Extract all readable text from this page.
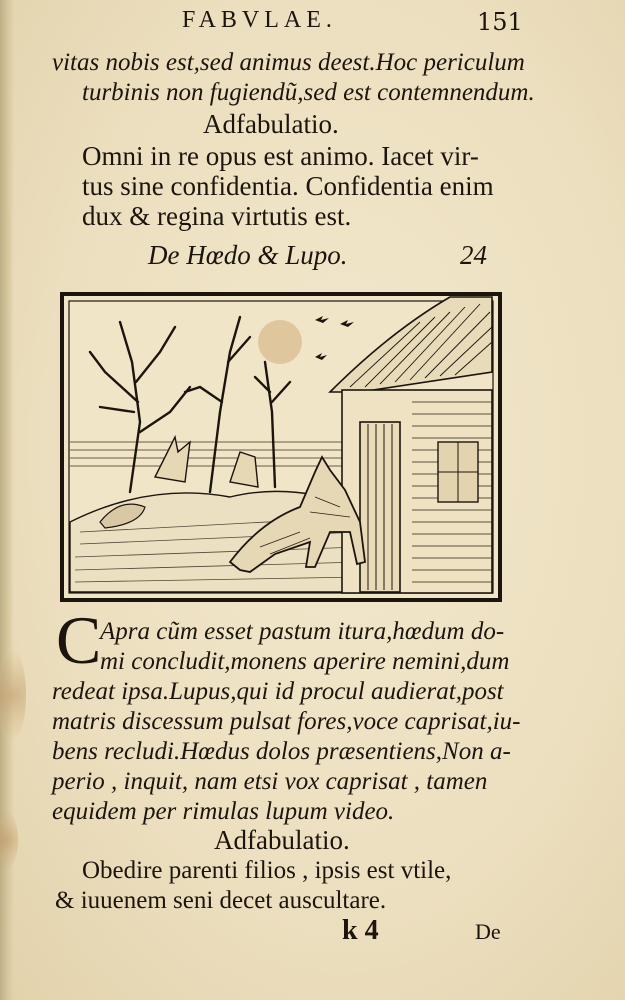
FABVLAE.	151
vitas nobis est,sed animus deest.Hoc periculum
turbinis non fugiendũ,sed est contemnendum.
Adfabulatio.
Omni in re opus est animo. Iacet vir-
tus sine confidentia. Confidentia enim
dux & regina virtutis est.
De Hœdo & Lupo.	24
C
Apra cũm esset pastum itura,hœdum do-
mi concludit,monens aperire nemini,dum
redeat ipsa.Lupus,qui id procul audierat,post
matris discessum pulsat fores,voce caprisat,iu-
bens recludi.Hœdus dolos præsentiens,Non a-
perio , inquit, nam etsi vox caprisat , tamen
equidem per rimulas lupum video.
Adfabulatio.
Obedire parenti filios , ipsis est vtile,
& iuuenem seni decet auscultare.
k 4	De
